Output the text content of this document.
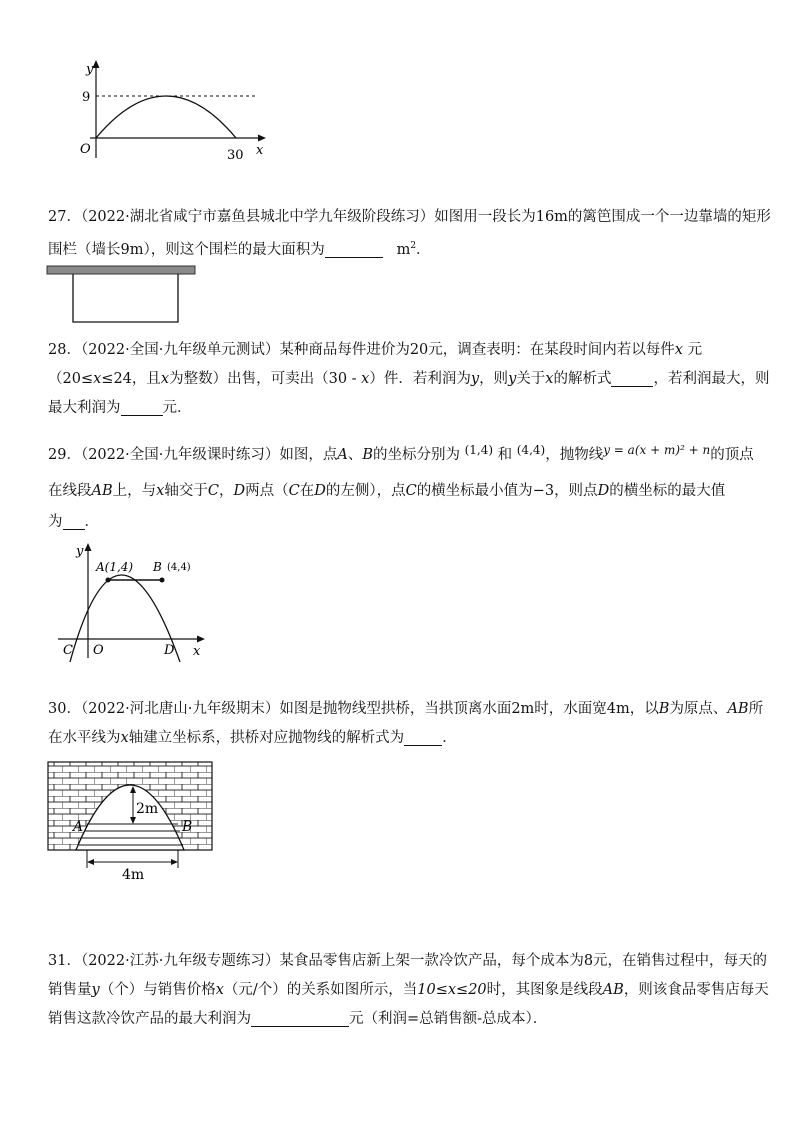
y
9
O	30 x

27．（2022·湖北省咸宁市嘉鱼县城北中学九年级阶段练习）如图用一段长为16m的篱笆围成一个一边靠墙的矩形

围栏（墙长9m），则这个围栏的最大面积为	$m^2$．

28．（2022·全国·九年级单元测试）某种商品每件进价为20元，调查表明：在某段时间内若以每件x 元

（20≤x≤24，且x为整数）出售，可卖出（30 - x）件．若利润为y，则y关于x的解析式	，若利润最大，则

最大利润为	元．

29．（2022·全国·九年级课时练习）如图，点A、B的坐标分别为 $^{(1,4)}$ 和 $^{(4,4)}$，抛物线$^{y = a(x + m)^2 + n}$的顶点

在线段AB上，与x轴交于C，D两点（C在D的左侧），点C的横坐标最小值为−3，则点D的横坐标的最大值

为 ．

y
A(1,4) B (4,4)
C O	D x

30．（2022·河北唐山·九年级期末）如图是抛物线型拱桥，当拱顶离水面2m时，水面宽4m，以B为原点、AB所

在水平线为x轴建立坐标系，拱桥对应抛物线的解析式为	．

2m
A	B
4m

31．（2022·江苏·九年级专题练习）某食品零售店新上架一款冷饮产品，每个成本为8元，在销售过程中，每天的

销售量y（个）与销售价格x（元/个）的关系如图所示，当10≤x≤20时，其图象是线段AB，则该食品零售店每天

销售这款冷饮产品的最大利润为	元（利润=总销售额-总成本）．
